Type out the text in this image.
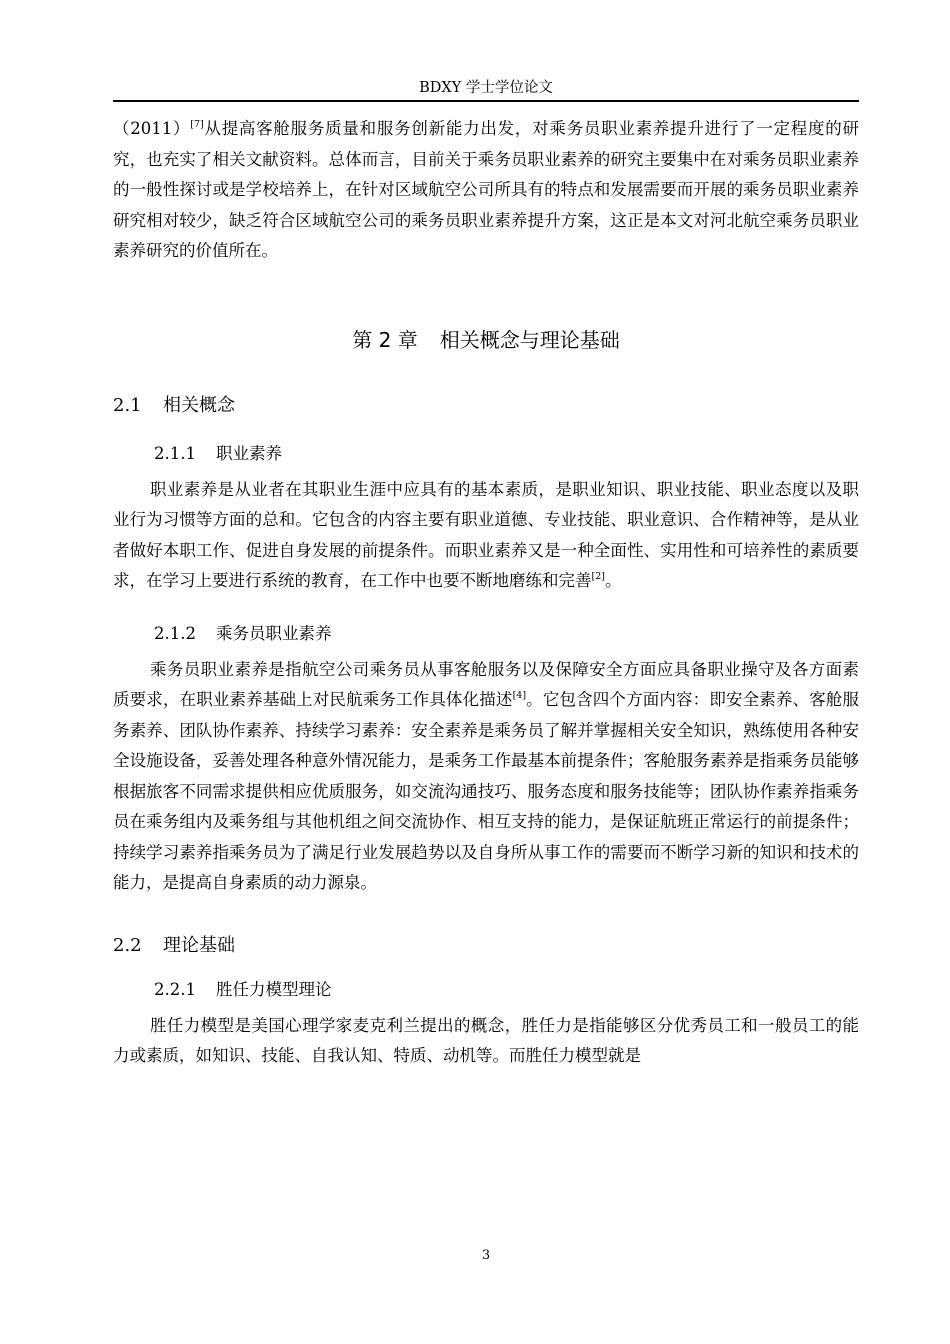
BDXY 学士学位论文

（2011）[7]从提高客舱服务质量和服务创新能力出发，对乘务员职业素养提升进行了一定程度的研究，也充实了相关文献资料。总体而言，目前关于乘务员职业素养的研究主要集中在对乘务员职业素养的一般性探讨或是学校培养上，在针对区域航空公司所具有的特点和发展需要而开展的乘务员职业素养研究相对较少，缺乏符合区域航空公司的乘务员职业素养提升方案，这正是本文对河北航空乘务员职业素养研究的价值所在。

第 2 章 相关概念与理论基础
2.1 相关概念
2.1.1 职业素养

职业素养是从业者在其职业生涯中应具有的基本素质，是职业知识、职业技能、职业态度以及职业行为习惯等方面的总和。它包含的内容主要有职业道德、专业技能、职业意识、合作精神等，是从业者做好本职工作、促进自身发展的前提条件。而职业素养又是一种全面性、实用性和可培养性的素质要求，在学习上要进行系统的教育，在工作中也要不断地磨练和完善[2]。

2.1.2 乘务员职业素养

乘务员职业素养是指航空公司乘务员从事客舱服务以及保障安全方面应具备职业操守及各方面素质要求，在职业素养基础上对民航乘务工作具体化描述[4]。它包含四个方面内容：即安全素养、客舱服务素养、团队协作素养、持续学习素养：安全素养是乘务员了解并掌握相关安全知识，熟练使用各种安全设施设备，妥善处理各种意外情况能力，是乘务工作最基本前提条件；客舱服务素养是指乘务员能够根据旅客不同需求提供相应优质服务，如交流沟通技巧、服务态度和服务技能等；团队协作素养指乘务员在乘务组内及乘务组与其他机组之间交流协作、相互支持的能力，是保证航班正常运行的前提条件；持续学习素养指乘务员为了满足行业发展趋势以及自身所从事工作的需要而不断学习新的知识和技术的能力，是提高自身素质的动力源泉。

2.2 理论基础
2.2.1 胜任力模型理论

胜任力模型是美国心理学家麦克利兰提出的概念，胜任力是指能够区分优秀员工和一般员工的能力或素质，如知识、技能、自我认知、特质、动机等。而胜任力模型就是

3
